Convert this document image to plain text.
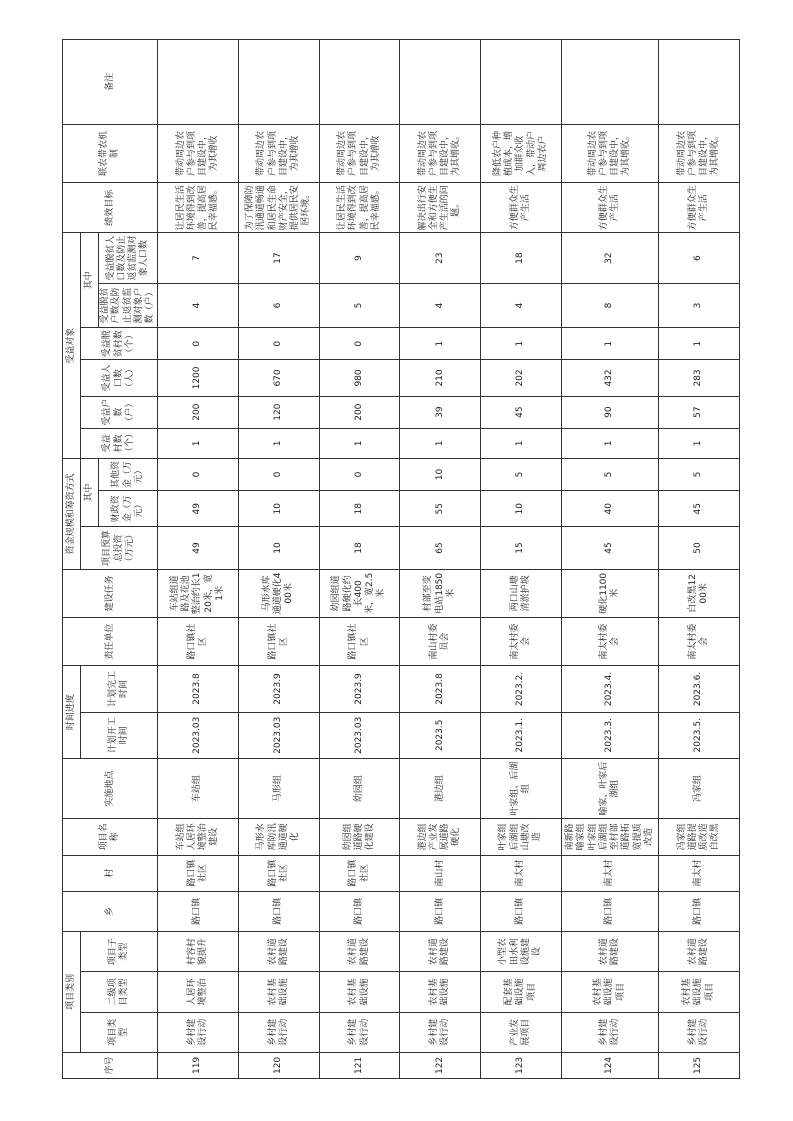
序号	项目类别			乡	村	项目名称	实施地点	时间进度		责任单位	建设任务	资金规模和筹资方式			受益对象						绩效目标	联农带农机制	备注
	项目类型	二级项目类型	项目子类型					计划开工时间	计划完工时间			项目预算总投资（万元）	其中		受益村数（个）	受益户数（户）	受益人口数（人）	受益脱贫村数（个）	其中				
													财政资金（万元）	其他资金（万元）					受益脱贫户数及防止返贫监测对象户数（户）	受益脱贫人口数及防止返贫监测对象人口数			
119	乡村建设行动	人居环境整治	村容村貌提升	路口镇	路口镇社区	车站组人居环境整治建设	车站组	2023.03	2023.8	路口镇社区	车站组道路及花池整治约长120米，宽1米	49	49	0	1	200	1200	0	4	7	让居民生活环境得到改善，提高居民幸福感。	带动周边农户参与到项目建设中，为其增收	
120	乡村建设行动	农村基础设施	农村道路建设	路口镇	路口镇社区	马形水库防汛通道硬化	马形组	2023.03	2023.9	路口镇社区	马形水库通道硬化400米	10	10	0	1	120	670	0	6	17	为了保障防汛通道畅通和居民生命财产安全，提供居民安居环境。	带动周边农户参与到项目建设中，为其增收	
121	乡村建设行动	农村基础设施	农村道路建设	路口镇	路口镇社区	幼园组道路硬化建设	幼园组	2023.03	2023.9	路口镇社区	幼园组道路硬化约长400米，宽2.5米	18	18	0	1	200	980	0	5	9	让居民生活环境得到改善，提高居民幸福感。	带动周边农户参与到项目建设中，为其增收	
122	乡村建设行动	农村基础设施	农村道路建设	路口镇	南山村	港边组产业发展道路硬化	港边组	2023.5	2023.8	南山村委员会	村部至变电站1850米	65	55	10	1	39	210	1	4	23	解决出行安全和方便生产生活的问题。	带动周边农户参与到项目建设中，为其增收。	
123	产业发展项目	配套基础设施项目	小型农田水利设施建设	路口镇	南太村	叶家组后湖组山塘改造	叶家组、后湖组	2023.1.	2023.2.	南太村委会	两口山塘清淤护坡	15	10	5	1	45	202	1	4	18	方便群众生产生活	降低农户种植成本，增加群众收入，带动户周边农户	
124	乡村建设行动	农村基础设施项目	农村道路建设	路口镇	南太村	南新路喻家组叶家组后湖组至村部道路拓宽提质改造	喻家、叶家后湖组	2023.3.	2023.4.	南太村委会	硬化1100米	45	40	5	1	90	432	1	8	32	方便群众生产生活	带动周边农户参与到项目建设中，为其增收。	
125	乡村建设行动	农村基础设施项目	农村道路建设	路口镇	南太村	冯家组道路提质改造白改黑	冯家组	2023.5.	2023.6.	南太村委会	白改黑1200米	50	45	5	1	57	283	1	3	6	方便群众生产生活	带动周边农户参与到项目建设中，为其增收。	
